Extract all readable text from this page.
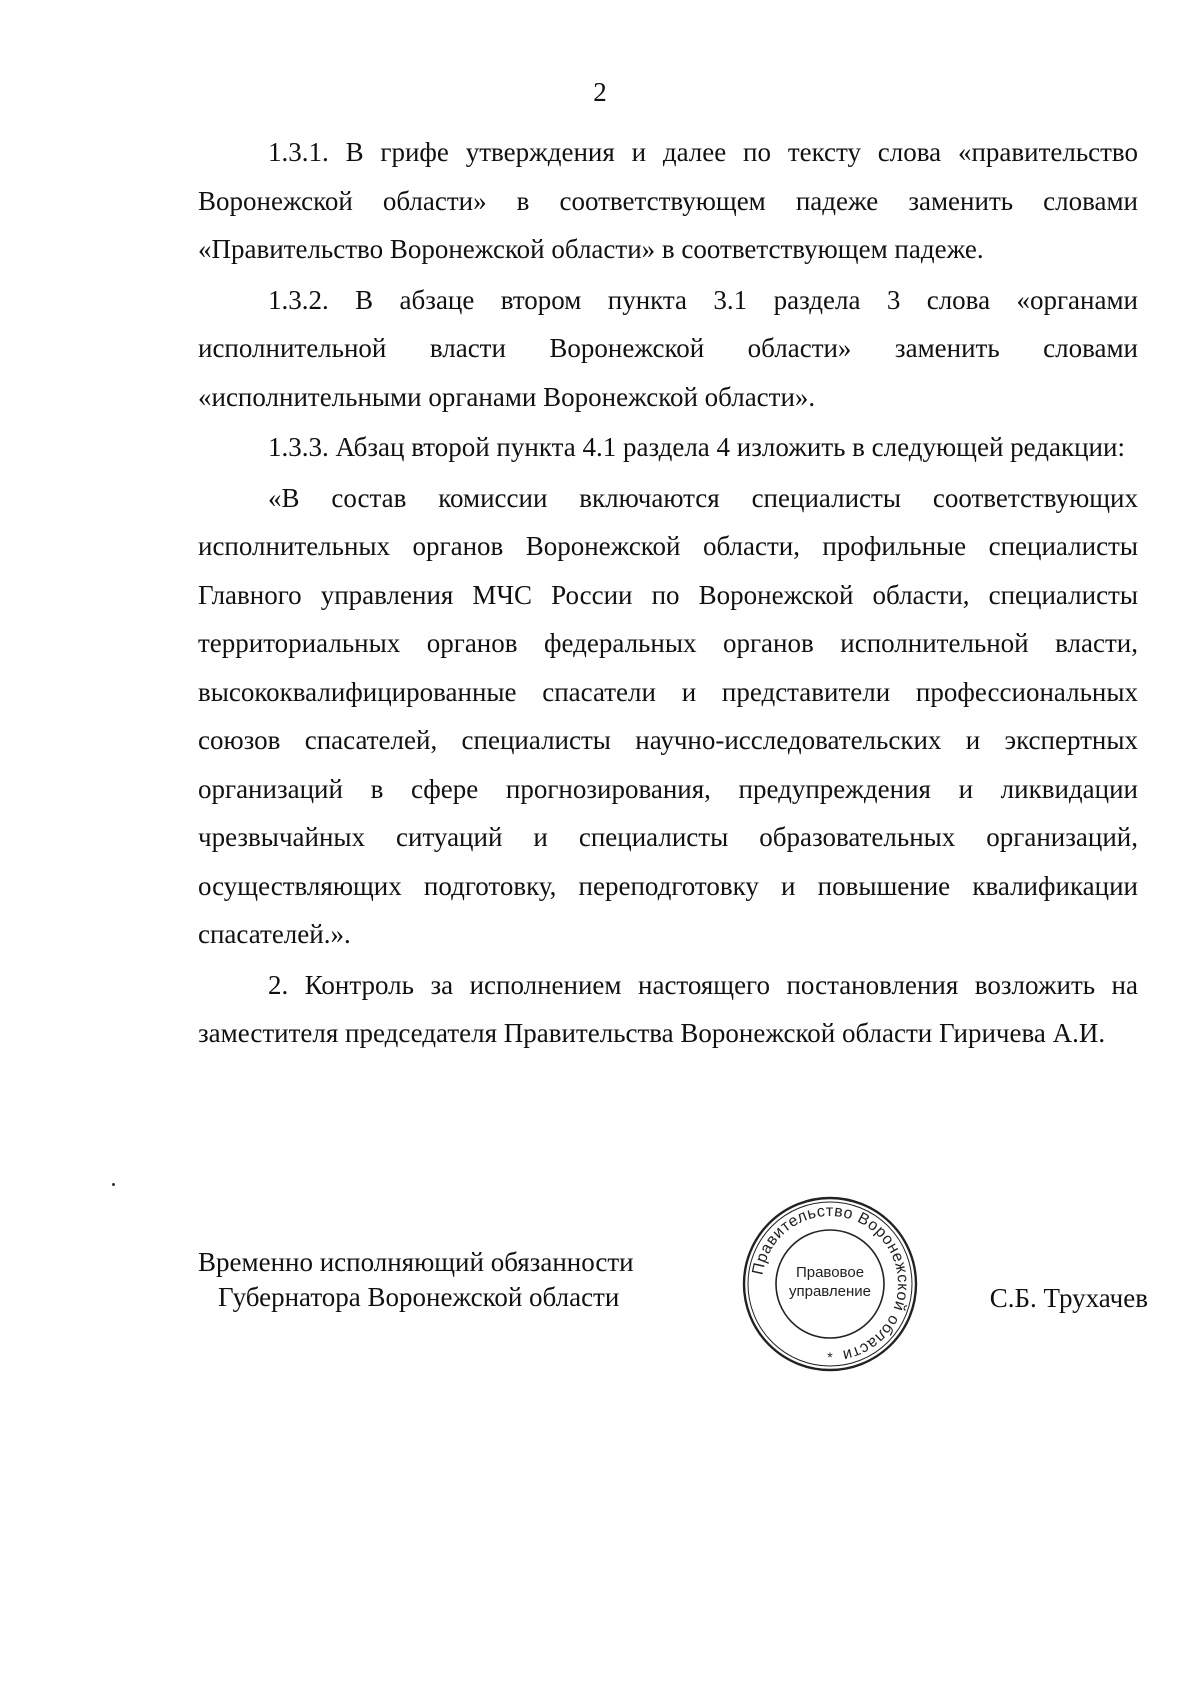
2

1.3.1. В грифе утверждения и далее по тексту слова «правительство Воронежской области» в соответствующем падеже заменить словами «Правительство Воронежской области» в соответствующем падеже.

1.3.2. В абзаце втором пункта 3.1 раздела 3 слова «органами исполнительной власти Воронежской области» заменить словами «исполнительными органами Воронежской области».

1.3.3. Абзац второй пункта 4.1 раздела 4 изложить в следующей редакции:

«В состав комиссии включаются специалисты соответствующих исполнительных органов Воронежской области, профильные специалисты Главного управления МЧС России по Воронежской области, специалисты территориальных органов федеральных органов исполнительной власти, высококвалифицированные спасатели и представители профессиональных союзов спасателей, специалисты научно-исследовательских и экспертных организаций в сфере прогнозирования, предупреждения и ликвидации чрезвычайных ситуаций и специалисты образовательных организаций, осуществляющих подготовку, переподготовку и повышение квалификации спасателей.».

2. Контроль за исполнением настоящего постановления возложить на заместителя председателя Правительства Воронежской области Гиричева А.И.

Временно исполняющий обязанности
Губернатора Воронежской области	С.Б. Трухачев
Правительство Воронежской области
Правовое
управление
*
